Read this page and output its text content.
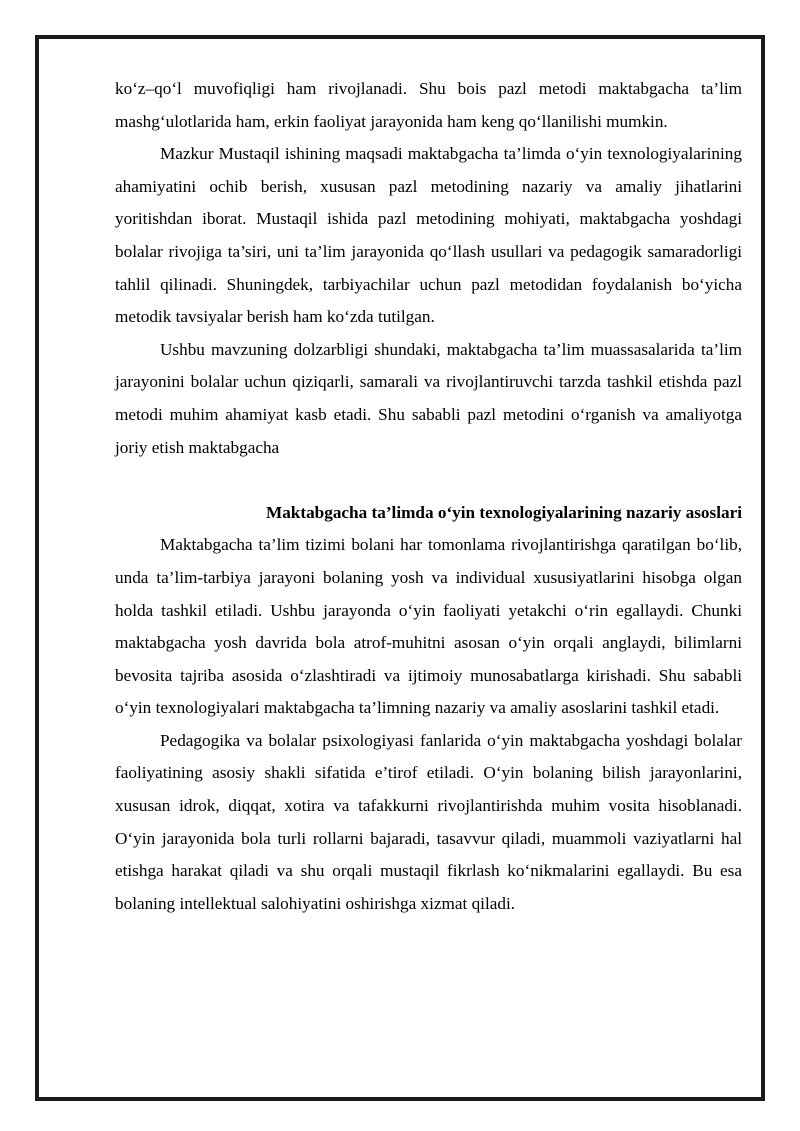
ko‘z–qo‘l muvofiqligi ham rivojlanadi. Shu bois pazl metodi maktabgacha ta’lim mashg‘ulotlarida ham, erkin faoliyat jarayonida ham keng qo‘llanilishi mumkin.

Mazkur Mustaqil ishining maqsadi maktabgacha ta’limda o‘yin texnologiyalarining ahamiyatini ochib berish, xususan pazl metodining nazariy va amaliy jihatlarini yoritishdan iborat. Mustaqil ishida pazl metodining mohiyati, maktabgacha yoshdagi bolalar rivojiga ta’siri, uni ta’lim jarayonida qo‘llash usullari va pedagogik samaradorligi tahlil qilinadi. Shuningdek, tarbiyachilar uchun pazl metodidan foydalanish bo‘yicha metodik tavsiyalar berish ham ko‘zda tutilgan.

Ushbu mavzuning dolzarbligi shundaki, maktabgacha ta’lim muassasalarida ta’lim jarayonini bolalar uchun qiziqarli, samarali va rivojlantiruvchi tarzda tashkil etishda pazl metodi muhim ahamiyat kasb etadi. Shu sababli pazl metodini o‘rganish va amaliyotga joriy etish maktabgacha

Maktabgacha ta’limda o‘yin texnologiyalarining nazariy asoslari

Maktabgacha ta’lim tizimi bolani har tomonlama rivojlantirishga qaratilgan bo‘lib, unda ta’lim-tarbiya jarayoni bolaning yosh va individual xususiyatlarini hisobga olgan holda tashkil etiladi. Ushbu jarayonda o‘yin faoliyati yetakchi o‘rin egallaydi. Chunki maktabgacha yosh davrida bola atrof-muhitni asosan o‘yin orqali anglaydi, bilimlarni bevosita tajriba asosida o‘zlashtiradi va ijtimoiy munosabatlarga kirishadi. Shu sababli o‘yin texnologiyalari maktabgacha ta’limning nazariy va amaliy asoslarini tashkil etadi.

Pedagogika va bolalar psixologiyasi fanlarida o‘yin maktabgacha yoshdagi bolalar faoliyatining asosiy shakli sifatida e’tirof etiladi. O‘yin bolaning bilish jarayonlarini, xususan idrok, diqqat, xotira va tafakkurni rivojlantirishda muhim vosita hisoblanadi. O‘yin jarayonida bola turli rollarni bajaradi, tasavvur qiladi, muammoli vaziyatlarni hal etishga harakat qiladi va shu orqali mustaqil fikrlash ko‘nikmalarini egallaydi. Bu esa bolaning intellektual salohiyatini oshirishga xizmat qiladi.
